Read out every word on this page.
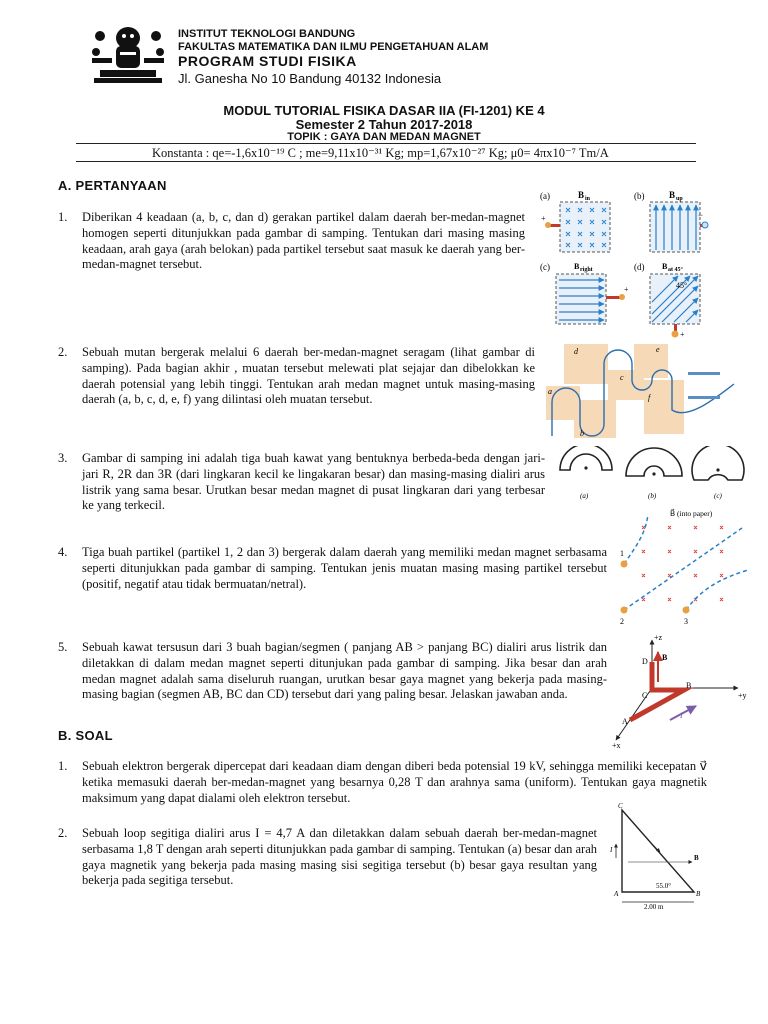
INSTITUT TEKNOLOGI BANDUNG
FAKULTAS MATEMATIKA DAN ILMU PENGETAHUAN ALAM
PROGRAM STUDI FISIKA
Jl. Ganesha No 10 Bandung 40132 Indonesia
MODUL TUTORIAL FISIKA DASAR IIA (FI-1201) KE 4
Semester 2 Tahun 2017-2018
TOPIK : GAYA DAN MEDAN MAGNET
Konstanta : qe=-1,6x10⁻¹⁹ C ; me=9,11x10⁻³¹ Kg; mp=1,67x10⁻²⁷ Kg; μ0= 4πx10⁻⁷ Tm/A
A. PERTANYAAN
1. Diberikan 4 keadaan (a, b, c, dan d) gerakan partikel dalam daerah ber-medan-magnet homogen seperti ditunjukkan pada gambar di samping. Tentukan dari masing masing keadaan, arah gaya (arah belokan) pada partikel tersebut saat masuk ke daerah yang ber-medan-magnet tersebut.
2. Sebuah mutan bergerak melalui 6 daerah ber-medan-magnet seragam (lihat gambar di samping). Pada bagian akhir , muatan tersebut melewati plat sejajar dan dibelokkan ke daerah potensial yang lebih tinggi. Tentukan arah medan magnet untuk masing-masing daerah (a, b, c, d, e, f) yang dilintasi oleh muatan tersebut.
3. Gambar di samping ini adalah tiga buah kawat yang bentuknya berbeda-beda dengan jari-jari R, 2R dan 3R (dari lingkaran kecil ke lingakaran besar) dan masing-masing dialiri arus listrik yang sama besar. Urutkan besar medan magnet di pusat lingkaran dari yang terbesar ke yang terkecil.
4. Tiga buah partikel (partikel 1, 2 dan 3) bergerak dalam daerah yang memiliki medan magnet serbasama seperti ditunjukkan pada gambar di samping. Tentukan jenis muatan masing masing partikel tersebut (positif, negatif atau tidak bermuatan/netral).
5. Sebuah kawat tersusun dari 3 buah bagian/segmen ( panjang AB > panjang BC) dialiri arus listrik dan diletakkan di dalam medan magnet seperti ditunjukan pada gambar di samping. Jika besar dan arah medan magnet adalah sama diseluruh ruangan, urutkan besar gaya magnet yang bekerja pada masing-masing bagian (segmen AB, BC dan CD) tersebut dari yang paling besar. Jelaskan jawaban anda.
B. SOAL
1. Sebuah elektron bergerak dipercepat dari keadaan diam dengan diberi beda potensial 19 kV, sehingga memiliki kecepatan v⃗ ketika memasuki daerah ber-medan-magnet yang besarnya 0,28 T dan arahnya sama (uniform). Tentukan gaya magnetik maksimum yang dapat dialami oleh elektron tersebut.
2. Sebuah loop segitiga dialiri arus I = 4,7 A dan diletakkan dalam sebuah daerah ber-medan-magnet serbasama 1,8 T dengan arah seperti ditunjukkan pada gambar di samping. Tentukan (a) besar dan arah gaya magnetik yang bekerja pada masing masing sisi segitiga tersebut (b) besar gaya resultan yang bekerja pada segitiga tersebut.
(a)	B in
+
(b)	B up
−
(c)	B right
+
(d) B at 45°
45°
+
d	e
c
a
b
f
(a)	(b)	(c)
B⃗ (into paper)
1
2	3
+z
+y
+x
A
B
C
D B⃗
I
C
A	B
55.0°
2.00 m
I
B⃗
